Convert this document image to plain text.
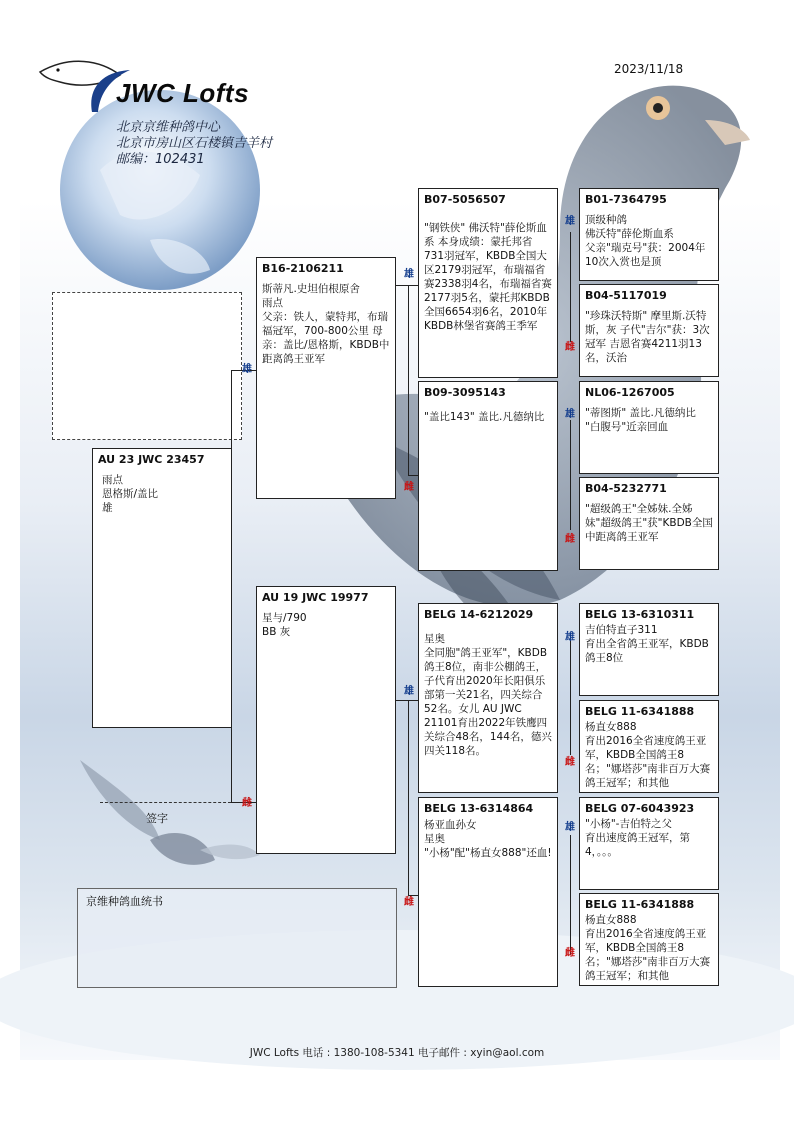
2023/11/18
JWC Lofts
北京京维种鸽中心
北京市房山区石楼镇吉羊村
邮编：102431
雄
雌
雄
雌
雄
雌
雄
雌
雄
雌
雄
雌
雄
雌
AU 23 JWC 23457
雨点
恩格斯/盖比
雄
B16-2106211
斯蒂凡.史坦伯根原舍
雨点
父亲：铁人，蒙特邦，布瑞福冠军，700-800公里 母亲：盖比/恩格斯，KBDB中距离鸽王亚军
AU 19 JWC 19977
星与/790
BB 灰
B07-5056507
"钢铁侠" 佛沃特"薛伦斯血系 本身成绩：蒙托邦省731羽冠军，KBDB全国大区2179羽冠军，布瑞福省赛2338羽4名，布瑞福省赛2177羽5名，蒙托邦KBDB全国6654羽6名，2010年KBDB林堡省赛鸽王季军
B09-3095143
"盖比143" 盖比.凡德纳比
BELG 14-6212029
星奥
全同胞"鸽王亚军"，KBDB鸽王8位，南非公棚鸽王，子代育出2020年长阳俱乐部第一关21名，四关综合52名。女儿 AU JWC 21101育出2022年铁鹰四关综合48名，144名，德兴四关118名。
BELG 13-6314864
杨亚血孙女
星奥
"小杨"配"杨直女888"还血!
B01-7364795
顶级种鸽
佛沃特"薛伦斯血系
父亲"瑞克号"获：2004年10次入赏也是顶
B04-5117019
"珍珠沃特斯" 摩里斯.沃特斯，灰 子代"吉尔"获：3次冠军 吉恩省赛4211羽13名，沃治
NL06-1267005
"蒂图斯" 盖比.凡德纳比 "白腹号"近亲回血
B04-5232771
"超级鸽王"全姊妹.全姊妹"超级鸽王"获"KBDB全国中距离鸽王亚军
BELG 13-6310311
吉伯特直子311
育出全省鸽王亚军，KBDB鸽王8位
BELG 11-6341888
杨直女888
育出2016全省速度鸽王亚军，KBDB全国鸽王8名；"娜塔莎"南非百万大赛鸽王冠军；和其他
BELG 07-6043923
"小杨"-吉伯特之父
育出速度鸽王冠军，第4，。。。
BELG 11-6341888
杨直女888
育出2016全省速度鸽王亚军，KBDB全国鸽王8名；"娜塔莎"南非百万大赛鸽王冠军；和其他
签字
京维种鸽血统书
JWC Lofts 电话 : 1380-108-5341 电子邮件 : xyin@aol.com
